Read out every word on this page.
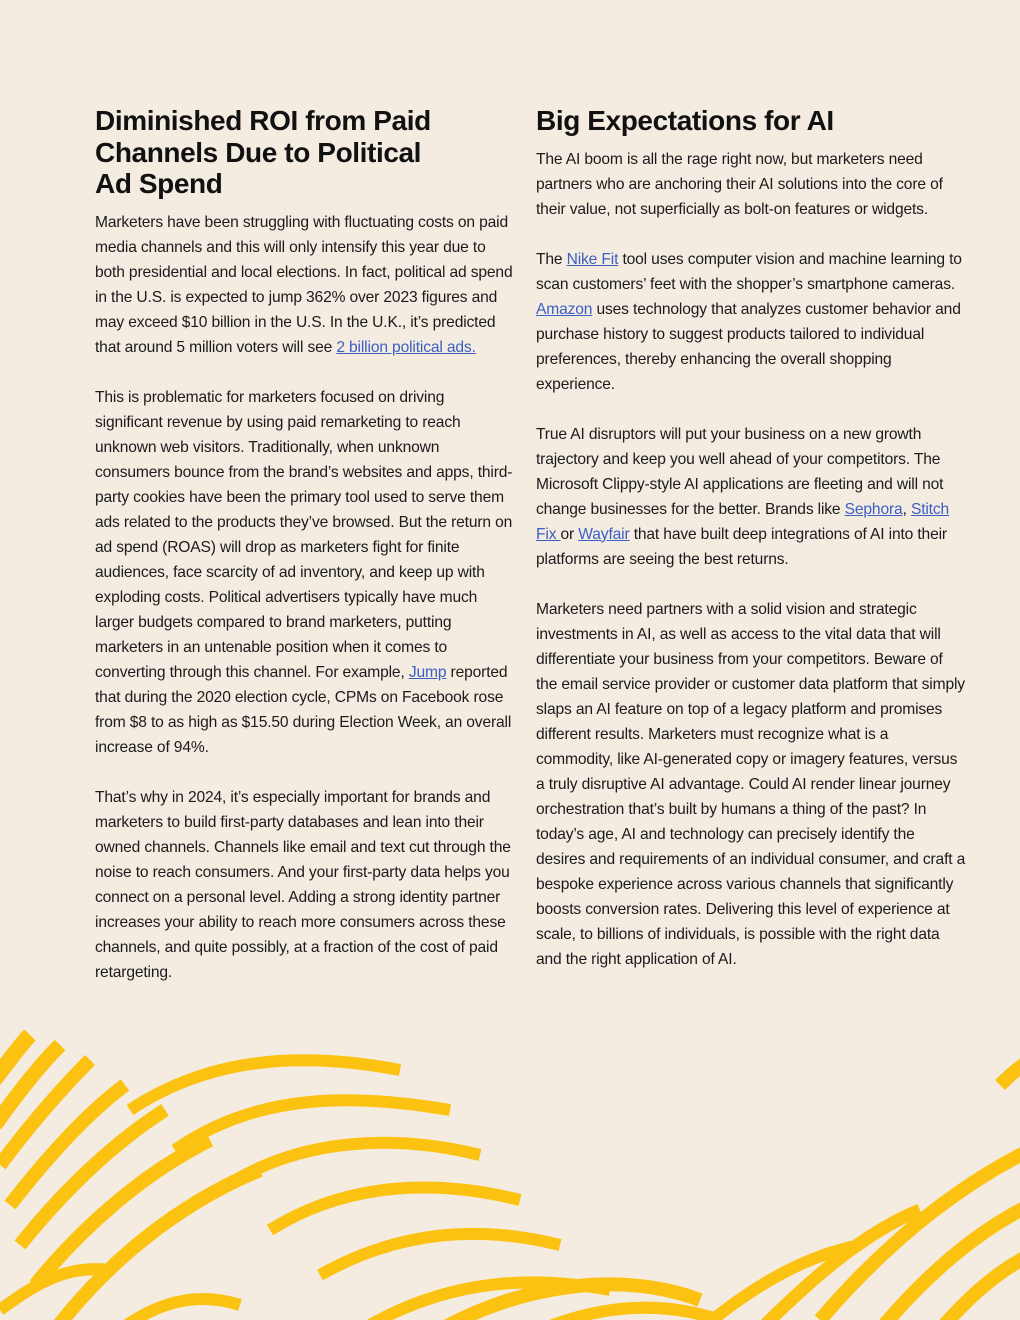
Diminished ROI from Paid Channels Due to Political Ad Spend

Marketers have been struggling with fluctuating costs on paid media channels and this will only intensify this year due to both presidential and local elections. In fact, political ad spend in the U.S. is expected to jump 362% over 2023 figures and may exceed $10 billion in the U.S. In the U.K., it’s predicted that around 5 million voters will see 2 billion political ads.

This is problematic for marketers focused on driving significant revenue by using paid remarketing to reach unknown web visitors. Traditionally, when unknown consumers bounce from the brand’s websites and apps, third-party cookies have been the primary tool used to serve them ads related to the products they’ve browsed. But the return on ad spend (ROAS) will drop as marketers fight for finite audiences, face scarcity of ad inventory, and keep up with exploding costs. Political advertisers typically have much larger budgets compared to brand marketers, putting marketers in an untenable position when it comes to converting through this channel. For example, Jump reported that during the 2020 election cycle, CPMs on Facebook rose from $8 to as high as $15.50 during Election Week, an overall increase of 94%.

That’s why in 2024, it’s especially important for brands and marketers to build first-party databases and lean into their owned channels. Channels like email and text cut through the noise to reach consumers. And your first-party data helps you connect on a personal level. Adding a strong identity partner increases your ability to reach more consumers across these channels, and quite possibly, at a fraction of the cost of paid retargeting.

Big Expectations for AI

The AI boom is all the rage right now, but marketers need partners who are anchoring their AI solutions into the core of their value, not superficially as bolt-on features or widgets.

The Nike Fit tool uses computer vision and machine learning to scan customers’ feet with the shopper’s smartphone cameras. Amazon uses technology that analyzes customer behavior and purchase history to suggest products tailored to individual preferences, thereby enhancing the overall shopping experience.

True AI disruptors will put your business on a new growth trajectory and keep you well ahead of your competitors. The Microsoft Clippy-style AI applications are fleeting and will not change businesses for the better. Brands like Sephora, Stitch Fix or Wayfair that have built deep integrations of AI into their platforms are seeing the best returns.

Marketers need partners with a solid vision and strategic investments in AI, as well as access to the vital data that will differentiate your business from your competitors. Beware of the email service provider or customer data platform that simply slaps an AI feature on top of a legacy platform and promises different results. Marketers must recognize what is a commodity, like AI-generated copy or imagery features, versus a truly disruptive AI advantage. Could AI render linear journey orchestration that’s built by humans a thing of the past? In today’s age, AI and technology can precisely identify the desires and requirements of an individual consumer, and craft a bespoke experience across various channels that significantly boosts conversion rates. Delivering this level of experience at scale, to billions of individuals, is possible with the right data and the right application of AI.
